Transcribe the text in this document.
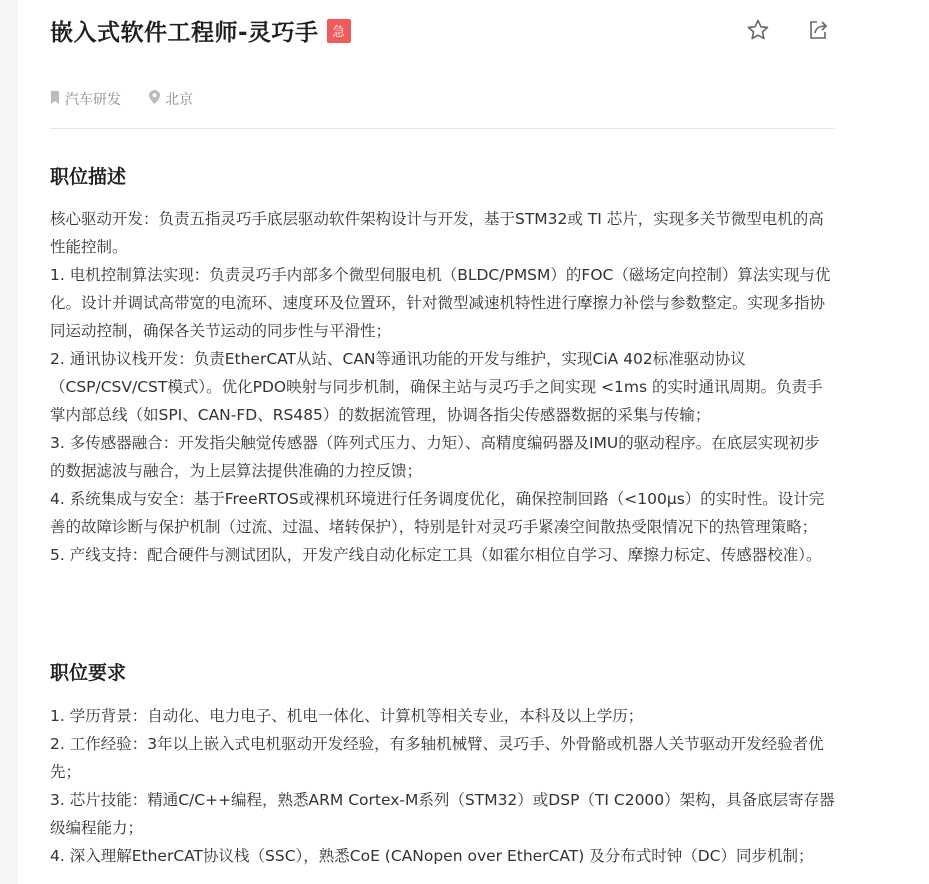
嵌入式软件工程师-灵巧手	急
汽车研发	北京
职位描述

核心驱动开发：负责五指灵巧手底层驱动软件架构设计与开发，基于STM32或 TI 芯片，实现多关节微型电机的高性能控制。

1. 电机控制算法实现：负责灵巧手内部多个微型伺服电机（BLDC/PMSM）的FOC（磁场定向控制）算法实现与优化。设计并调试高带宽的电流环、速度环及位置环，针对微型减速机特性进行摩擦力补偿与参数整定。实现多指协同运动控制，确保各关节运动的同步性与平滑性；

2. 通讯协议栈开发：负责EtherCAT从站、CAN等通讯功能的开发与维护，实现CiA 402标准驱动协议（CSP/CSV/CST模式）。优化PDO映射与同步机制，确保主站与灵巧手之间实现 <1ms 的实时通讯周期。负责手掌内部总线（如SPI、CAN-FD、RS485）的数据流管理，协调各指尖传感器数据的采集与传输；

3. 多传感器融合：开发指尖触觉传感器（阵列式压力、力矩）、高精度编码器及IMU的驱动程序。在底层实现初步的数据滤波与融合，为上层算法提供准确的力控反馈；

4. 系统集成与安全：基于FreeRTOS或裸机环境进行任务调度优化，确保控制回路（<100μs）的实时性。设计完善的故障诊断与保护机制（过流、过温、堵转保护），特别是针对灵巧手紧凑空间散热受限情况下的热管理策略；

5. 产线支持：配合硬件与测试团队，开发产线自动化标定工具（如霍尔相位自学习、摩擦力标定、传感器校准）。

职位要求

1. 学历背景：自动化、电力电子、机电一体化、计算机等相关专业，本科及以上学历；

2. 工作经验：3年以上嵌入式电机驱动开发经验，有多轴机械臂、灵巧手、外骨骼或机器人关节驱动开发经验者优先；

3. 芯片技能：精通C/C++编程，熟悉ARM Cortex-M系列（STM32）或DSP（TI C2000）架构，具备底层寄存器级编程能力；

4. 深入理解EtherCAT协议栈（SSC），熟悉CoE (CANopen over EtherCAT) 及分布式时钟（DC）同步机制；
